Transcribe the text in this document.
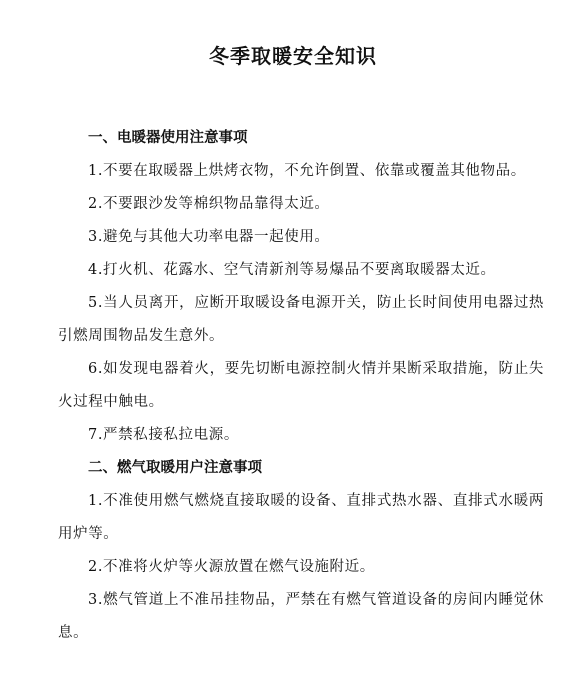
冬季取暖安全知识

一、电暖器使用注意事项

1.不要在取暖器上烘烤衣物，不允许倒置、依靠或覆盖其他物品。

2.不要跟沙发等棉织物品靠得太近。

3.避免与其他大功率电器一起使用。

4.打火机、花露水、空气清新剂等易爆品不要离取暖器太近。

5.当人员离开，应断开取暖设备电源开关，防止长时间使用电器过热引燃周围物品发生意外。

6.如发现电器着火，要先切断电源控制火情并果断采取措施，防止失火过程中触电。

7.严禁私接私拉电源。

二、燃气取暖用户注意事项

1.不准使用燃气燃烧直接取暖的设备、直排式热水器、直排式水暖两用炉等。

2.不准将火炉等火源放置在燃气设施附近。

3.燃气管道上不准吊挂物品，严禁在有燃气管道设备的房间内睡觉休息。
